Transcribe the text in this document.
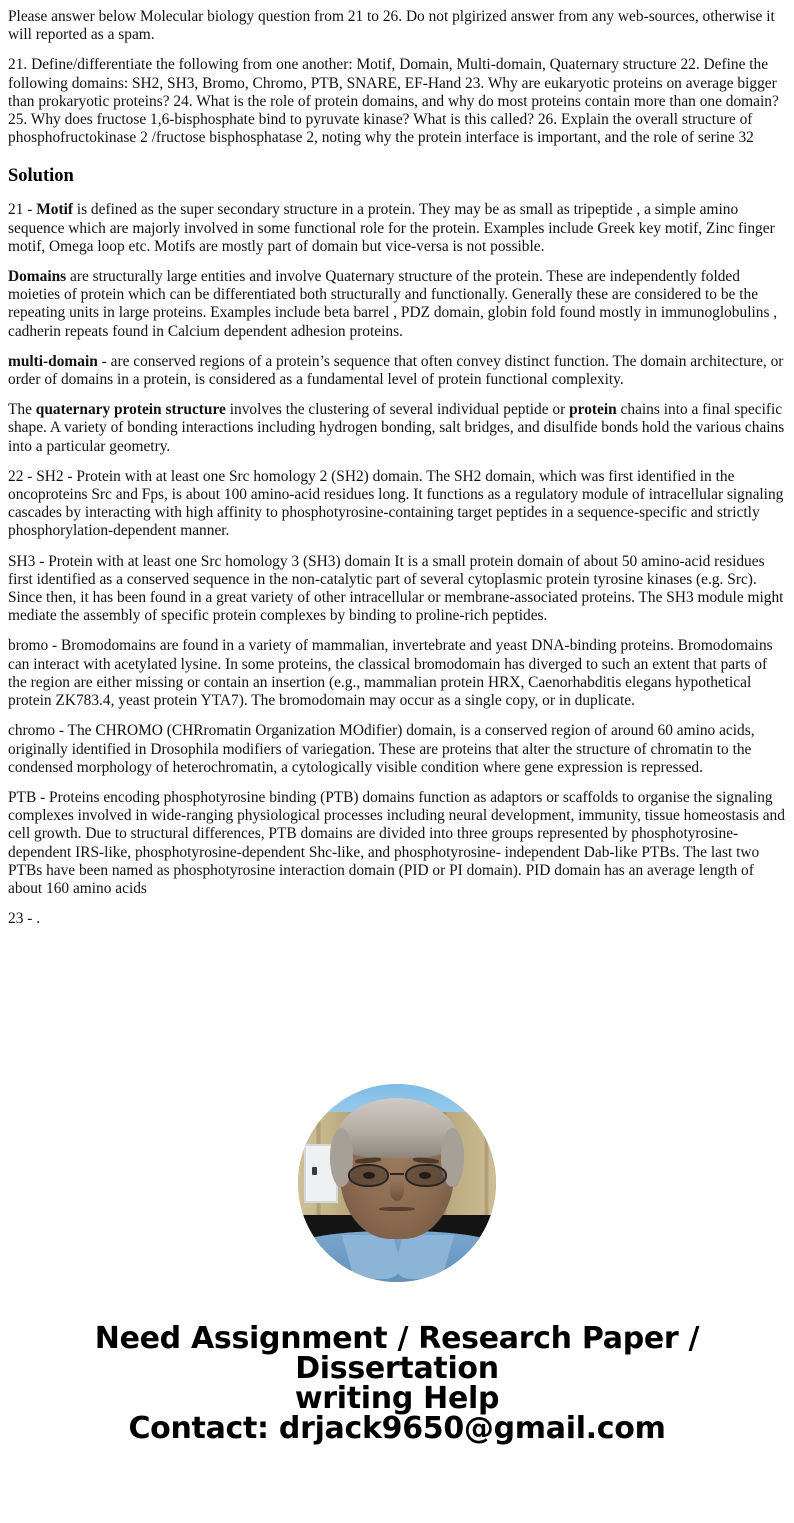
Please answer below Molecular biology question from 21 to 26. Do not plgirized answer from any web-sources, otherwise it will reported as a spam.

21. Define/differentiate the following from one another: Motif, Domain, Multi-domain, Quaternary structure 22. Define the following domains: SH2, SH3, Bromo, Chromo, PTB, SNARE, EF-Hand 23. Why are eukaryotic proteins on average bigger than prokaryotic proteins? 24. What is the role of protein domains, and why do most proteins contain more than one domain? 25. Why does fructose 1,6-bisphosphate bind to pyruvate kinase? What is this called? 26. Explain the overall structure of phosphofructokinase 2 /fructose bisphosphatase 2, noting why the protein interface is important, and the role of serine 32

Solution

21 - Motif is defined as the super secondary structure in a protein. They may be as small as tripeptide , a simple amino sequence which are majorly involved in some functional role for the protein. Examples include Greek key motif, Zinc finger motif, Omega loop etc. Motifs are mostly part of domain but vice-versa is not possible.

Domains are structurally large entities and involve Quaternary structure of the protein. These are independently folded moieties of protein which can be differentiated both structurally and functionally. Generally these are considered to be the repeating units in large proteins. Examples include beta barrel , PDZ domain, globin fold found mostly in immunoglobulins , cadherin repeats found in Calcium dependent adhesion proteins.

multi-domain - are conserved regions of a protein’s sequence that often convey distinct function. The domain architecture, or order of domains in a protein, is considered as a fundamental level of protein functional complexity.

The quaternary protein structure involves the clustering of several individual peptide or protein chains into a final specific shape. A variety of bonding interactions including hydrogen bonding, salt bridges, and disulfide bonds hold the various chains into a particular geometry.

22 - SH2 - Protein with at least one Src homology 2 (SH2) domain. The SH2 domain, which was first identified in the oncoproteins Src and Fps, is about 100 amino-acid residues long. It functions as a regulatory module of intracellular signaling cascades by interacting with high affinity to phosphotyrosine-containing target peptides in a sequence-specific and strictly phosphorylation-dependent manner.

SH3 - Protein with at least one Src homology 3 (SH3) domain It is a small protein domain of about 50 amino-acid residues first identified as a conserved sequence in the non-catalytic part of several cytoplasmic protein tyrosine kinases (e.g. Src). Since then, it has been found in a great variety of other intracellular or membrane-associated proteins. The SH3 module might mediate the assembly of specific protein complexes by binding to proline-rich peptides.

bromo - Bromodomains are found in a variety of mammalian, invertebrate and yeast DNA-binding proteins. Bromodomains can interact with acetylated lysine. In some proteins, the classical bromodomain has diverged to such an extent that parts of the region are either missing or contain an insertion (e.g., mammalian protein HRX, Caenorhabditis elegans hypothetical protein ZK783.4, yeast protein YTA7). The bromodomain may occur as a single copy, or in duplicate.

chromo - The CHROMO (CHRromatin Organization MOdifier) domain, is a conserved region of around 60 amino acids, originally identified in Drosophila modifiers of variegation. These are proteins that alter the structure of chromatin to the condensed morphology of heterochromatin, a cytologically visible condition where gene expression is repressed.

PTB - Proteins encoding phosphotyrosine binding (PTB) domains function as adaptors or scaffolds to organise the signaling complexes involved in wide-ranging physiological processes including neural development, immunity, tissue homeostasis and cell growth. Due to structural differences, PTB domains are divided into three groups represented by phosphotyrosine-dependent IRS-like, phosphotyrosine-dependent Shc-like, and phosphotyrosine- independent Dab-like PTBs. The last two PTBs have been named as phosphotyrosine interaction domain (PID or PI domain). PID domain has an average length of about 160 amino acids

23 - .

Need Assignment / Research Paper / Dissertation
writing Help
Contact: drjack9650@gmail.com
